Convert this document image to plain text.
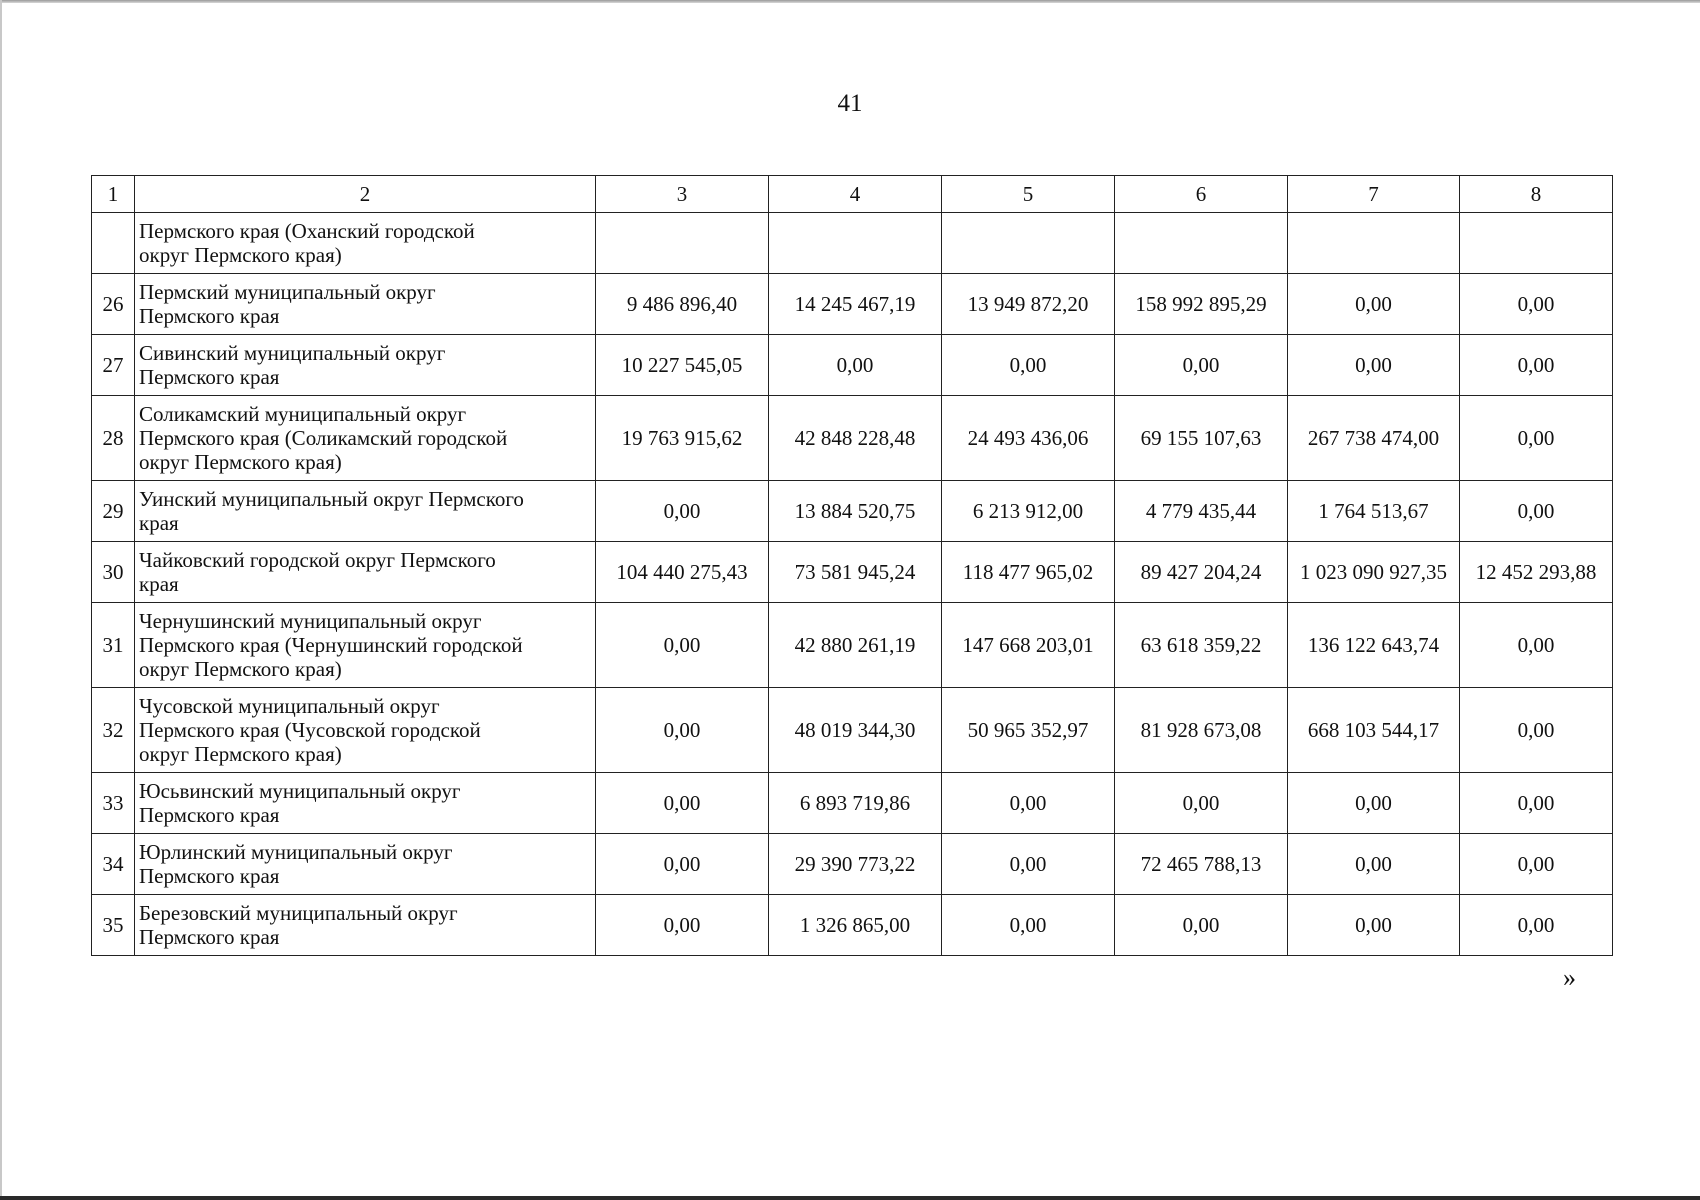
41
1	2	3	4	5	6	7	8
	Пермского края (Оханский городской
округ Пермского края)						
26	Пермский муниципальный округ
Пермского края	9 486 896,40	14 245 467,19	13 949 872,20	158 992 895,29	0,00	0,00
27	Сивинский муниципальный округ
Пермского края	10 227 545,05	0,00	0,00	0,00	0,00	0,00
28	Соликамский муниципальный округ
Пермского края (Соликамский городской
округ Пермского края)	19 763 915,62	42 848 228,48	24 493 436,06	69 155 107,63	267 738 474,00	0,00
29	Уинский муниципальный округ Пермского
края	0,00	13 884 520,75	6 213 912,00	4 779 435,44	1 764 513,67	0,00
30	Чайковский городской округ Пермского
края	104 440 275,43	73 581 945,24	118 477 965,02	89 427 204,24	1 023 090 927,35	12 452 293,88
31	Чернушинский муниципальный округ
Пермского края (Чернушинский городской
округ Пермского края)	0,00	42 880 261,19	147 668 203,01	63 618 359,22	136 122 643,74	0,00
32	Чусовской муниципальный округ
Пермского края (Чусовской городской
округ Пермского края)	0,00	48 019 344,30	50 965 352,97	81 928 673,08	668 103 544,17	0,00
33	Юсьвинский муниципальный округ
Пермского края	0,00	6 893 719,86	0,00	0,00	0,00	0,00
34	Юрлинский муниципальный округ
Пермского края	0,00	29 390 773,22	0,00	72 465 788,13	0,00	0,00
35	Березовский муниципальный округ
Пермского края	0,00	1 326 865,00	0,00	0,00	0,00	0,00
»
